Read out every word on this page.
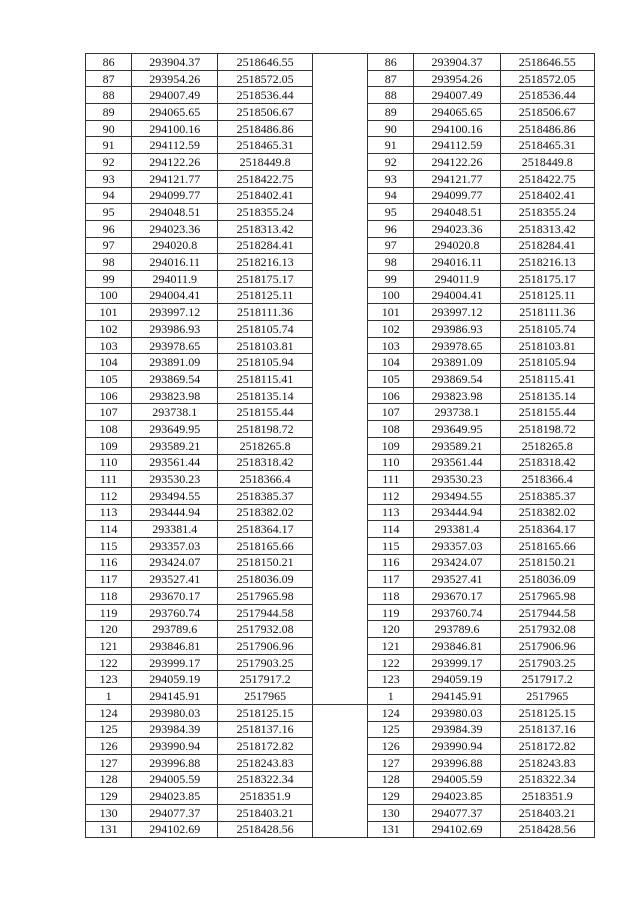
86	293904.37	2518646.55		86	293904.37	2518646.55
87	293954.26	2518572.05		87	293954.26	2518572.05
88	294007.49	2518536.44		88	294007.49	2518536.44
89	294065.65	2518506.67		89	294065.65	2518506.67
90	294100.16	2518486.86		90	294100.16	2518486.86
91	294112.59	2518465.31		91	294112.59	2518465.31
92	294122.26	2518449.8		92	294122.26	2518449.8
93	294121.77	2518422.75		93	294121.77	2518422.75
94	294099.77	2518402.41		94	294099.77	2518402.41
95	294048.51	2518355.24		95	294048.51	2518355.24
96	294023.36	2518313.42		96	294023.36	2518313.42
97	294020.8	2518284.41		97	294020.8	2518284.41
98	294016.11	2518216.13		98	294016.11	2518216.13
99	294011.9	2518175.17		99	294011.9	2518175.17
100	294004.41	2518125.11		100	294004.41	2518125.11
101	293997.12	2518111.36		101	293997.12	2518111.36
102	293986.93	2518105.74		102	293986.93	2518105.74
103	293978.65	2518103.81		103	293978.65	2518103.81
104	293891.09	2518105.94		104	293891.09	2518105.94
105	293869.54	2518115.41		105	293869.54	2518115.41
106	293823.98	2518135.14		106	293823.98	2518135.14
107	293738.1	2518155.44		107	293738.1	2518155.44
108	293649.95	2518198.72		108	293649.95	2518198.72
109	293589.21	2518265.8		109	293589.21	2518265.8
110	293561.44	2518318.42		110	293561.44	2518318.42
111	293530.23	2518366.4		111	293530.23	2518366.4
112	293494.55	2518385.37		112	293494.55	2518385.37
113	293444.94	2518382.02		113	293444.94	2518382.02
114	293381.4	2518364.17		114	293381.4	2518364.17
115	293357.03	2518165.66		115	293357.03	2518165.66
116	293424.07	2518150.21		116	293424.07	2518150.21
117	293527.41	2518036.09		117	293527.41	2518036.09
118	293670.17	2517965.98		118	293670.17	2517965.98
119	293760.74	2517944.58		119	293760.74	2517944.58
120	293789.6	2517932.08		120	293789.6	2517932.08
121	293846.81	2517906.96		121	293846.81	2517906.96
122	293999.17	2517903.25		122	293999.17	2517903.25
123	294059.19	2517917.2		123	294059.19	2517917.2
1	294145.91	2517965		1	294145.91	2517965
124	293980.03	2518125.15		124	293980.03	2518125.15
125	293984.39	2518137.16		125	293984.39	2518137.16
126	293990.94	2518172.82		126	293990.94	2518172.82
127	293996.88	2518243.83		127	293996.88	2518243.83
128	294005.59	2518322.34		128	294005.59	2518322.34
129	294023.85	2518351.9		129	294023.85	2518351.9
130	294077.37	2518403.21		130	294077.37	2518403.21
131	294102.69	2518428.56		131	294102.69	2518428.56
